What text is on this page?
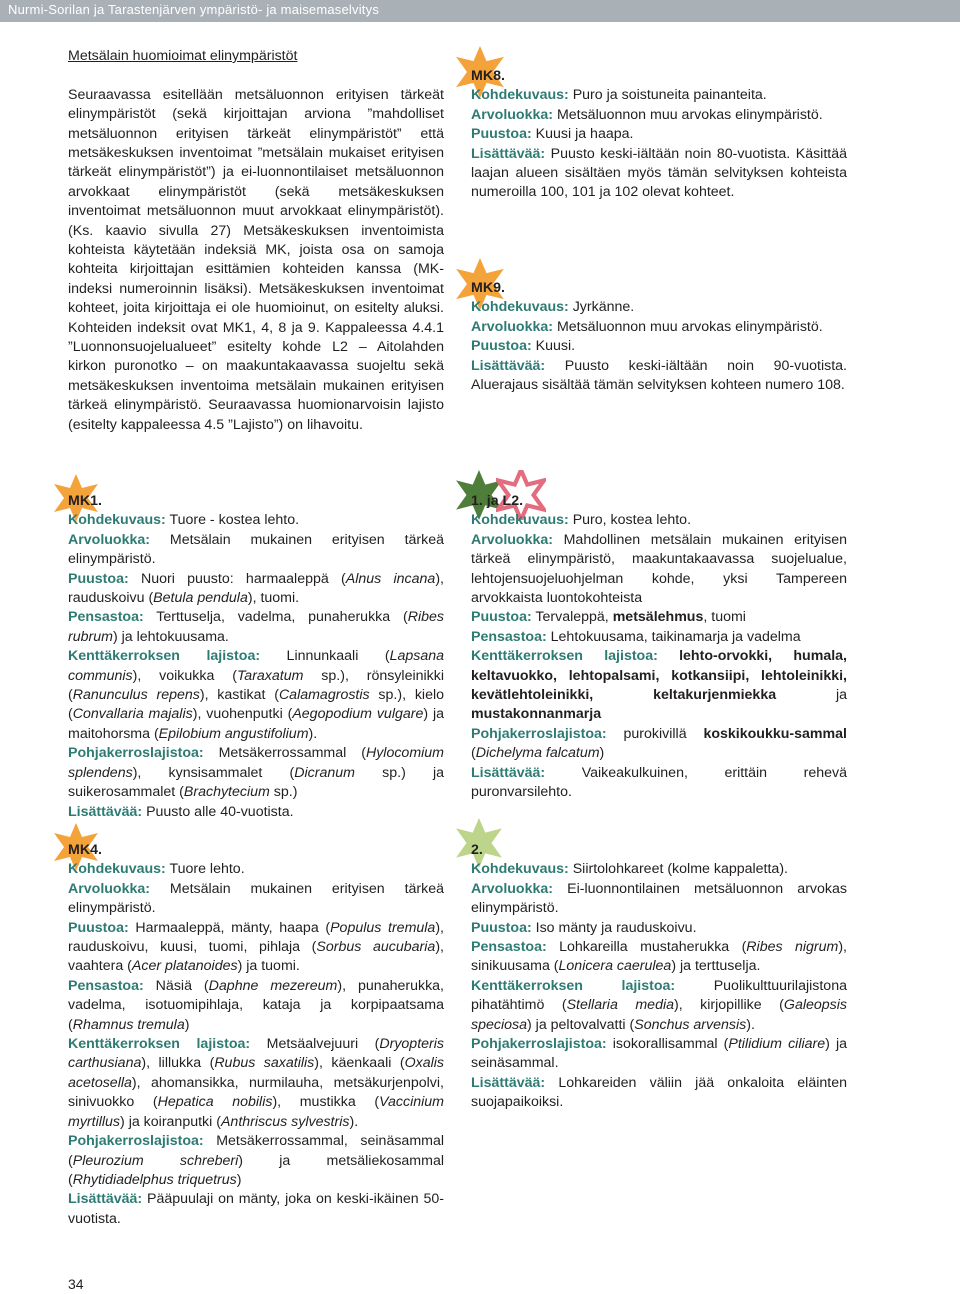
Nurmi-Sorilan ja Tarastenjärven ympäristö- ja maisemaselvitys

Metsälain huomioimat elinympäristöt

Seuraavassa esitellään metsäluonnon erityisen tärkeät elinympäristöt (sekä kirjoittajan arviona ”mahdolliset metsäluonnon erityisen tärkeät elinympäristöt” että metsäkeskuksen inventoimat ”metsälain mukaiset erityisen tärkeät elinympäristöt”) ja ei-luonnontilaiset metsäluonnon arvokkaat elinympäristöt (sekä metsäkeskuksen inventoimat metsäluonnon muut arvokkaat elinympäristöt). (Ks. kaavio sivulla 27) Metsäkeskuksen inventoimista kohteista käytetään indeksiä MK, joista osa on samoja kohteita kirjoittajan esittämien kohteiden kanssa (MK-indeksi numeroinnin lisäksi). Metsäkeskuksen inventoimat kohteet, joita kirjoittaja ei ole huomioinut, on esitelty aluksi. Kohteiden indeksit ovat MK1, 4, 8 ja 9. Kappaleessa 4.4.1 ”Luonnonsuojelualueet” esitelty kohde L2 – Aitolahden kirkon puronotko – on maakuntakaavassa suojeltu sekä metsäkeskuksen inventoima metsälain mukainen erityisen tärkeä elinympäristö. Seuraavassa huomionarvoisin lajisto (esitelty kappaleessa 4.5 ”Lajisto”) on lihavoitu.

MK1.

Kohdekuvaus: Tuore - kostea lehto.

Arvoluokka: Metsälain mukainen erityisen tärkeä elinympäristö.

Puustoa: Nuori puusto: harmaaleppä (Alnus incana), rauduskoivu (Betula pendula), tuomi.

Pensastoa: Terttuselja, vadelma, punaherukka (Ribes rubrum) ja lehtokuusama.

Kenttäkerroksen lajistoa: Linnunkaali (Lapsana communis), voikukka (Taraxatum sp.), rönsyleinikki (Ranunculus repens), kastikat (Calamagrostis sp.), kielo (Convallaria majalis), vuohenputki (Aegopodium vulgare) ja maitohorsma (Epilobium angustifolium).

Pohjakerroslajistoa: Metsäkerrossammal (Hylocomium splendens), kynsisammalet (Dicranum sp.) ja suikerosammalet (Brachytecium sp.)

Lisättävää: Puusto alle 40-vuotista.

MK4.

Kohdekuvaus: Tuore lehto.

Arvoluokka: Metsälain mukainen erityisen tärkeä elinympäristö.

Puustoa: Harmaaleppä, mänty, haapa (Populus tremula), rauduskoivu, kuusi, tuomi, pihlaja (Sorbus aucubaria), vaahtera (Acer platanoides) ja tuomi.

Pensastoa: Näsiä (Daphne mezereum), punaherukka, vadelma, isotuomipihlaja, kataja ja korpipaatsama (Rhamnus tremula)

Kenttäkerroksen lajistoa: Metsäalvejuuri (Dryopteris carthusiana), lillukka (Rubus saxatilis), käenkaali (Oxalis acetosella), ahomansikka, nurmilauha, metsäkurjenpolvi, sinivuokko (Hepatica nobilis), mustikka (Vaccinium myrtillus) ja koiranputki (Anthriscus sylvestris).

Pohjakerroslajistoa: Metsäkerrossammal, seinäsammal (Pleurozium schreberi) ja metsäliekosammal (Rhytidiadelphus triquetrus)

Lisättävää: Pääpuulaji on mänty, joka on keski-ikäinen 50-vuotista.

MK8.

Kohdekuvaus: Puro ja soistuneita painanteita.

Arvoluokka: Metsäluonnon muu arvokas elinympäristö.

Puustoa: Kuusi ja haapa.

Lisättävää: Puusto keski-iältään noin 80-vuotista. Käsittää laajan alueen sisältäen myös tämän selvityksen kohteista numeroilla 100, 101 ja 102 olevat kohteet.

MK9.

Kohdekuvaus: Jyrkänne.

Arvoluokka: Metsäluonnon muu arvokas elinympäristö.

Puustoa: Kuusi.

Lisättävää: Puusto keski-iältään noin 90-vuotista. Aluerajaus sisältää tämän selvityksen kohteen numero 108.

1. ja L2.

Kohdekuvaus: Puro, kostea lehto.

Arvoluokka: Mahdollinen metsälain mukainen erityisen tärkeä elinympäristö, maakuntakaavassa suojelualue, lehtojensuojeluohjelman kohde, yksi Tampereen arvokkaista luontokohteista

Puustoa: Tervaleppä, metsälehmus, tuomi

Pensastoa: Lehtokuusama, taikinamarja ja vadelma

Kenttäkerroksen lajistoa: lehto-orvokki, humala, keltavuokko, lehtopalsami, kotkansiipi, lehtoleinikki, kevätlehtoleinikki, keltakurjenmiekka ja mustakonnanmarja

Pohjakerroslajistoa: purokivillä koskikoukku-sammal (Dichelyma falcatum)

Lisättävää: Vaikeakulkuinen, erittäin rehevä puronvarsilehto.

2.

Kohdekuvaus: Siirtolohkareet (kolme kappaletta).

Arvoluokka: Ei-luonnontilainen metsäluonnon arvokas elinympäristö.

Puustoa: Iso mänty ja rauduskoivu.

Pensastoa: Lohkareilla mustaherukka (Ribes nigrum), sinikuusama (Lonicera caerulea) ja terttuselja.

Kenttäkerroksen lajistoa: Puolikulttuurilajistona pihatähtimö (Stellaria media), kirjopillike (Galeopsis speciosa) ja peltovalvatti (Sonchus arvensis).

Pohjakerroslajistoa: isokorallisammal (Ptilidium ciliare) ja seinäsammal.

Lisättävää: Lohkareiden väliin jää onkaloita eläinten suojapaikoiksi.

34
